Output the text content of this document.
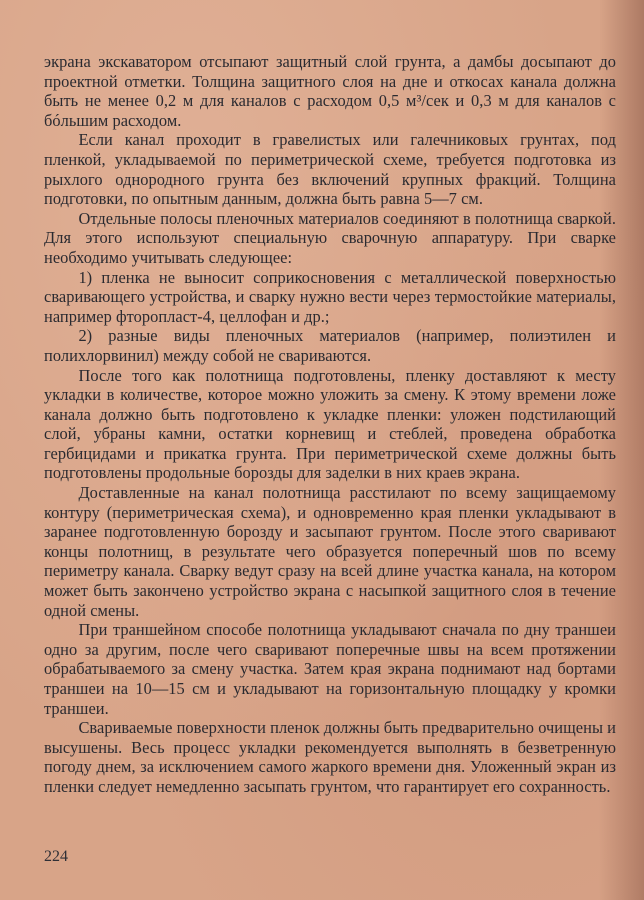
экрана экскаватором отсыпают защитный слой грунта, а дамбы досыпают до проектной отметки. Толщина защитного слоя на дне и откосах канала должна быть не менее 0,2 м для каналов с расходом 0,5 м³/сек и 0,3 м для каналов с бóльшим расходом.

Если канал проходит в гравелистых или галечниковых грунтах, под пленкой, укладываемой по периметрической схеме, требуется подготовка из рыхлого однородного грунта без включений крупных фракций. Толщина подготовки, по опытным данным, должна быть равна 5—7 см.

Отдельные полосы пленочных материалов соединяют в полотнища сваркой. Для этого используют специальную сварочную аппаратуру. При сварке необходимо учитывать следующее:

1) пленка не выносит соприкосновения с металлической поверхностью сваривающего устройства, и сварку нужно вести через термостойкие материалы, например фторопласт-4, целлофан и др.;

2) разные виды пленочных материалов (например, полиэтилен и полихлорвинил) между собой не свариваются.

После того как полотнища подготовлены, пленку доставляют к месту укладки в количестве, которое можно уложить за смену. К этому времени ложе канала должно быть подготовлено к укладке пленки: уложен подстилающий слой, убраны камни, остатки корневищ и стеблей, проведена обработка гербицидами и прикатка грунта. При периметрической схеме должны быть подготовлены продольные борозды для заделки в них краев экрана.

Доставленные на канал полотнища расстилают по всему защищаемому контуру (периметрическая схема), и одновременно края пленки укладывают в заранее подготовленную борозду и засыпают грунтом. После этого сваривают концы полотнищ, в результате чего образуется поперечный шов по всему периметру канала. Сварку ведут сразу на всей длине участка канала, на котором может быть закончено устройство экрана с насыпкой защитного слоя в течение одной смены.

При траншейном способе полотнища укладывают сначала по дну траншеи одно за другим, после чего сваривают поперечные швы на всем протяжении обрабатываемого за смену участка. Затем края экрана поднимают над бортами траншеи на 10—15 см и укладывают на горизонтальную площадку у кромки траншеи.

Свариваемые поверхности пленок должны быть предварительно очищены и высушены. Весь процесс укладки рекомендуется выполнять в безветренную погоду днем, за исключением самого жаркого времени дня. Уложенный экран из пленки следует немедленно засыпать грунтом, что гарантирует его сохранность.

224
